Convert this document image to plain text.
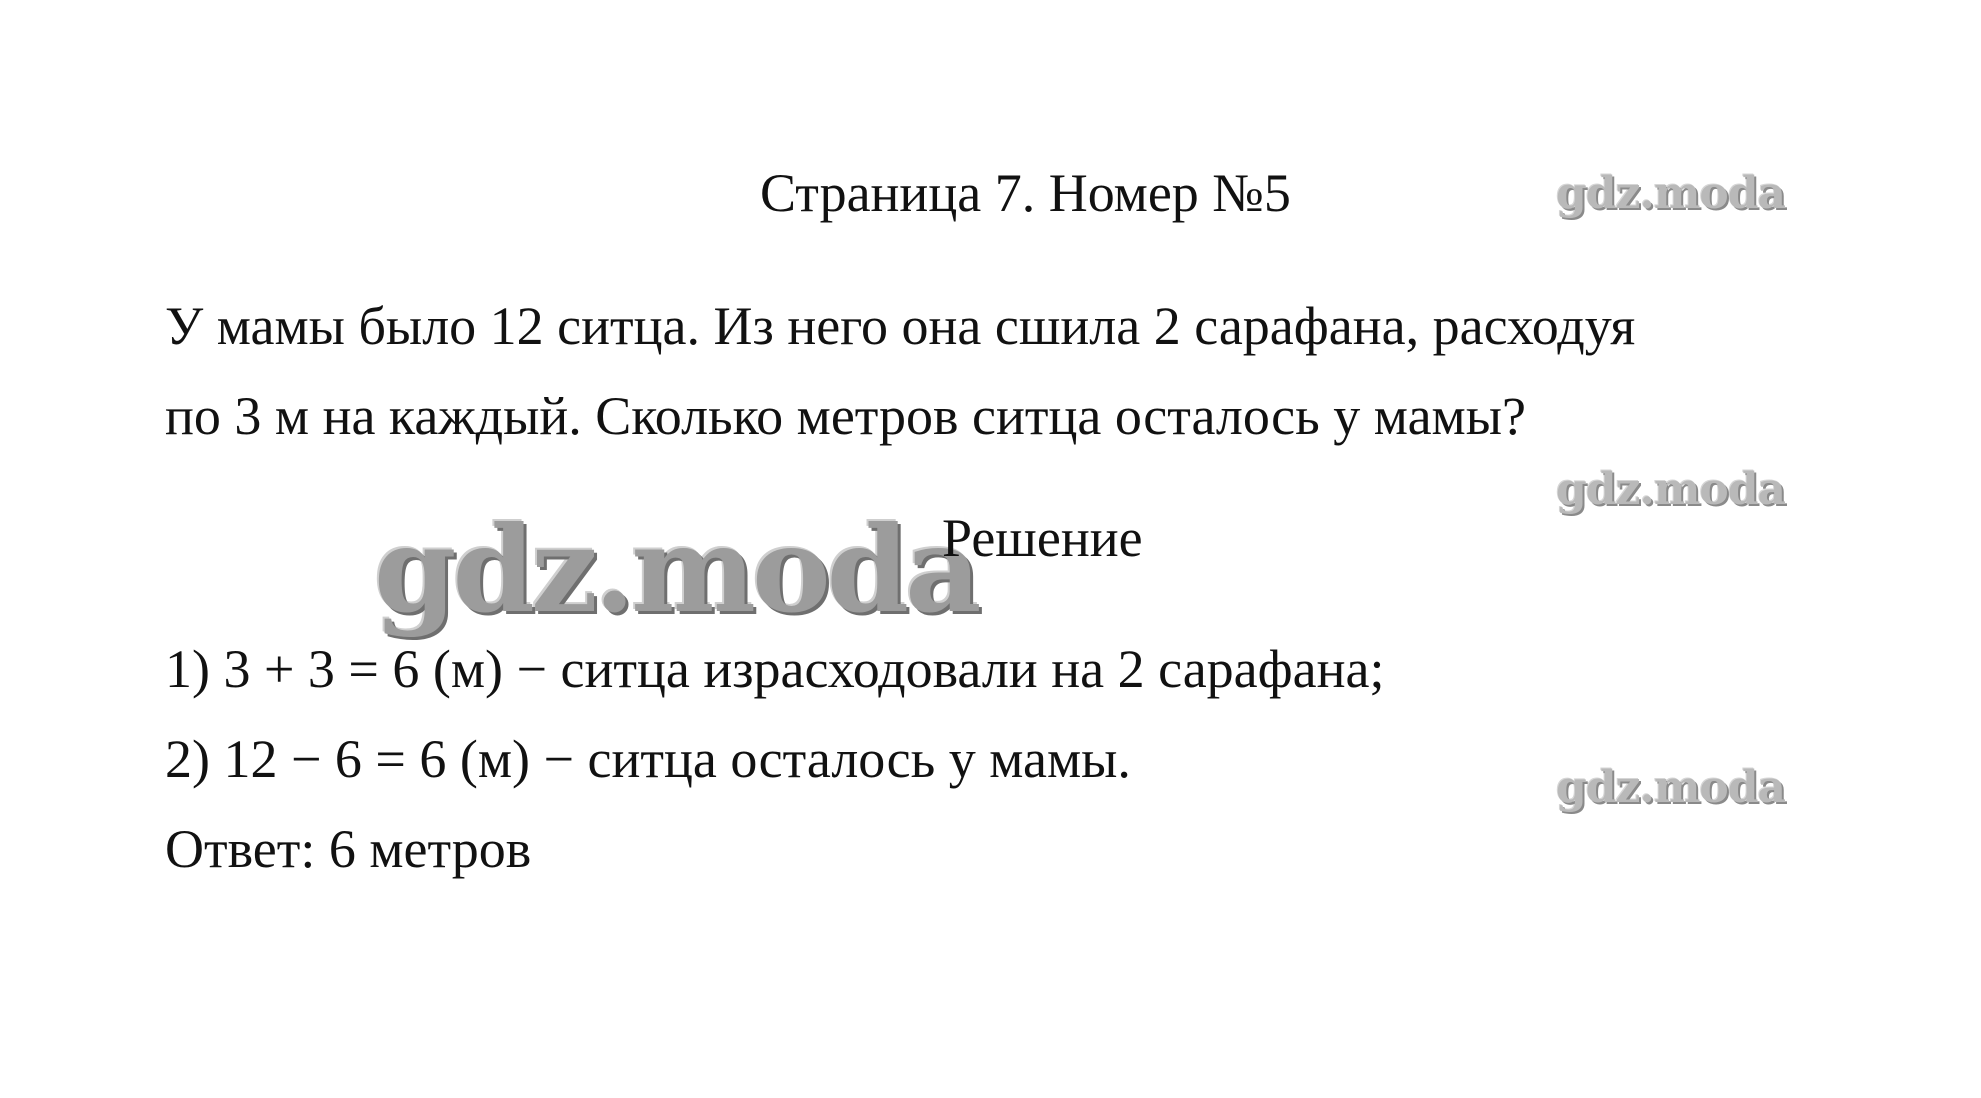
Страница 7. Номер №5	gdz.moda
У мамы было 12 ситца. Из него она сшила 2 сарафана, расходуя
по 3 м на каждый. Сколько метров ситца осталось у мамы?
gdz.moda
gdz.moda
Решение
1) 3 + 3 = 6 (м) − ситца израсходовали на 2 сарафана;
2) 12 − 6 = 6 (м) − ситца осталось у мамы.	gdz.moda
Ответ: 6 метров
